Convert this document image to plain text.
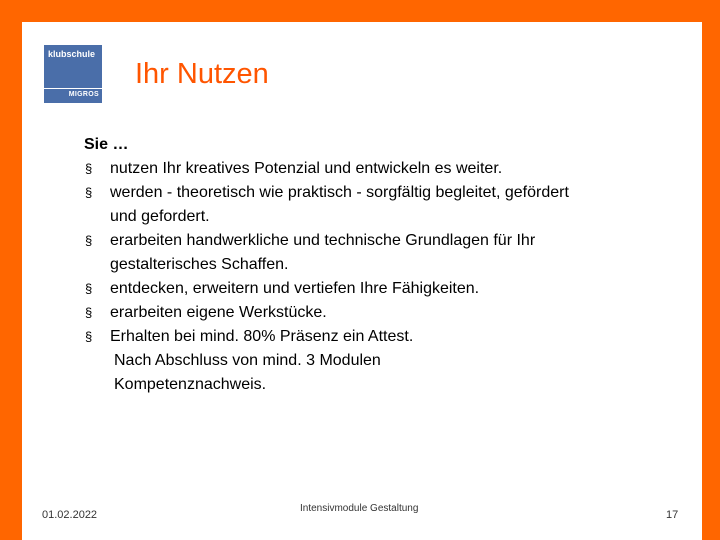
klubschule
MIGROS
Ihr Nutzen
Sie …
§ nutzen Ihr kreatives Potenzial und entwickeln es weiter.
§ werden - theoretisch wie praktisch - sorgfältig begleitet, gefördert
und gefordert.
§ erarbeiten handwerkliche und technische Grundlagen für Ihr
gestalterisches Schaffen.
§ entdecken, erweitern und vertiefen Ihre Fähigkeiten.
§ erarbeiten eigene Werkstücke.
§ Erhalten bei mind. 80% Präsenz ein Attest.
Nach Abschluss von mind. 3 Modulen
Kompetenznachweis.
01.02.2022
Intensivmodule Gestaltung
17
